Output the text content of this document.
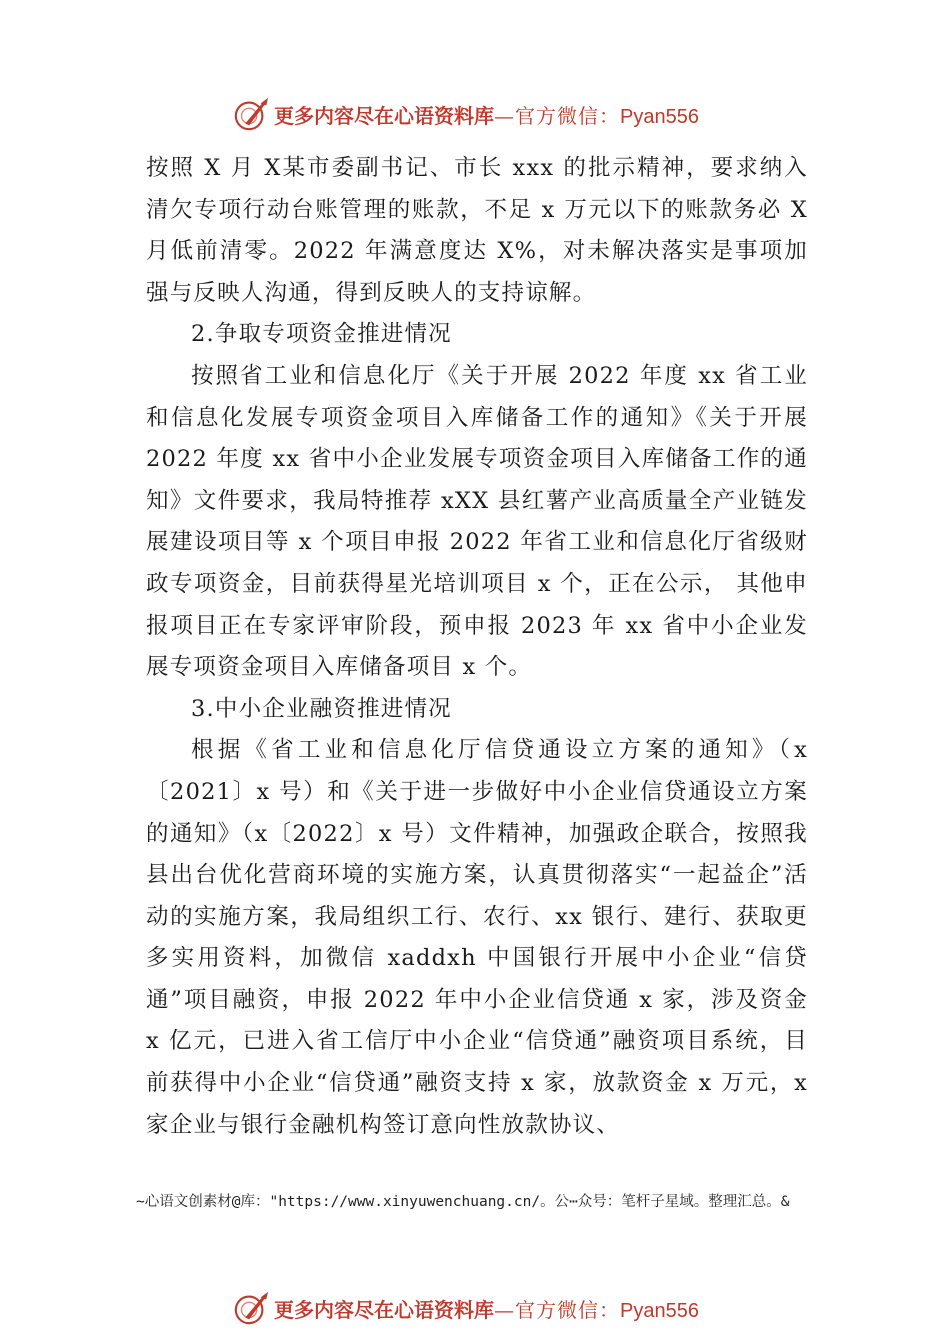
更多内容尽在心语资料库 —官方微信： Pyan556

按照 X 月 X某市委副书记、市长 xxx 的批示精神，要求纳入清欠专项行动台账管理的账款，不足 x 万元以下的账款务必 X 月低前清零。2022 年满意度达 X%，对未解决落实是事项加强与反映人沟通，得到反映人的支持谅解。

2.争取专项资金推进情况

按照省工业和信息化厅《关于开展 2022 年度 xx 省工业和信息化发展专项资金项目入库储备工作的通知》《关于开展 2022 年度 xx 省中小企业发展专项资金项目入库储备工作的通知》文件要求，我局特推荐 xXX 县红薯产业高质量全产业链发展建设项目等 x 个项目申报 2022 年省工业和信息化厅省级财政专项资金，目前获得星光培训项目 x 个，正在公示， 其他申报项目正在专家评审阶段，预申报 2023 年 xx 省中小企业发展专项资金项目入库储备项目 x 个。

3.中小企业融资推进情况

根据《省工业和信息化厅信贷通设立方案的通知》（x〔2021〕x 号）和《关于进一步做好中小企业信贷通设立方案的通知》（x〔2022〕x 号）文件精神，加强政企联合，按照我县出台优化营商环境的实施方案，认真贯彻落实“一起益企”活动的实施方案，我局组织工行、农行、xx 银行、建行、获取更多实用资料，加微信 xaddxh 中国银行开展中小企业“信贷通”项目融资，申报 2022 年中小企业信贷通 x 家，涉及资金 x 亿元，已进入省工信厅中小企业“信贷通”融资项目系统，目前获得中小企业“信贷通”融资支持 x 家，放款资金 x 万元，x 家企业与银行金融机构签订意向性放款协议、

~心语文创素材@库："https://www.xinyuwenchuang.cn/。公⋯众号：笔杆子星域。整理汇总。&
更多内容尽在心语资料库 —官方微信： Pyan556
